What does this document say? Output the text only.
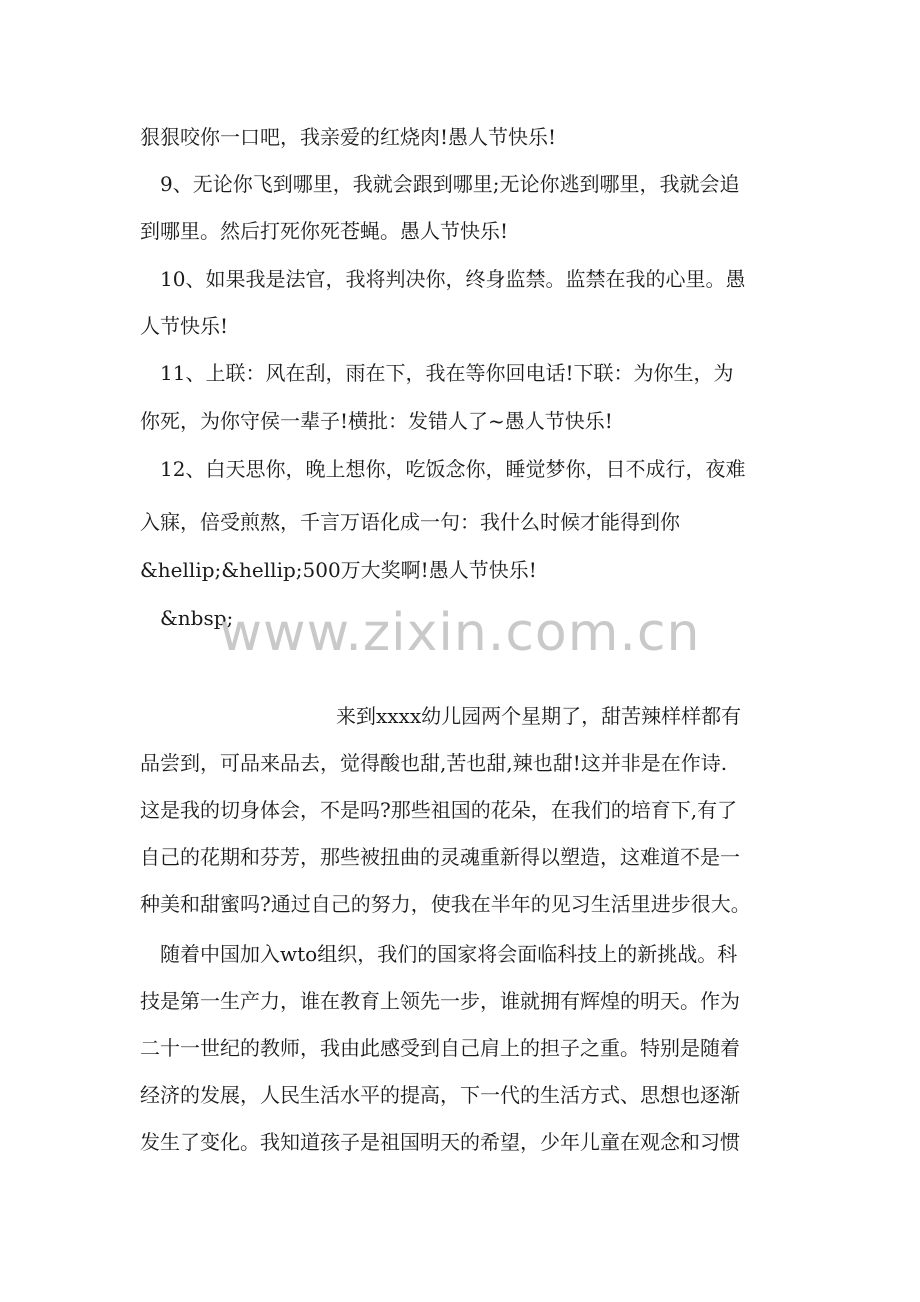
狠狠咬你一口吧，我亲爱的红烧肉!愚人节快乐!
9、无论你飞到哪里，我就会跟到哪里;无论你逃到哪里，我就会追
到哪里。然后打死你死苍蝇。愚人节快乐!
10、如果我是法官，我将判决你，终身监禁。监禁在我的心里。愚
人节快乐!
11、上联：风在刮，雨在下，我在等你回电话!下联：为你生，为
你死，为你守侯一辈子!横批：发错人了~愚人节快乐!
12、白天思你，晚上想你，吃饭念你，睡觉梦你，日不成行，夜难
入寐，倍受煎熬，千言万语化成一句：我什么时候才能得到你
&hellip;&hellip;500万大奖啊!愚人节快乐!
&nbsp;
来到xxxx幼儿园两个星期了，甜苦辣样样都有
品尝到，可品来品去，觉得酸也甜,苦也甜,辣也甜!这并非是在作诗.
这是我的切身体会，不是吗?那些祖国的花朵，在我们的培育下,有了
自己的花期和芬芳，那些被扭曲的灵魂重新得以塑造，这难道不是一
种美和甜蜜吗?通过自己的努力，使我在半年的见习生活里进步很大。
随着中国加入wto组织，我们的国家将会面临科技上的新挑战。科
技是第一生产力，谁在教育上领先一步，谁就拥有辉煌的明天。作为
二十一世纪的教师，我由此感受到自己肩上的担子之重。特别是随着
经济的发展，人民生活水平的提高，下一代的生活方式、思想也逐渐
发生了变化。我知道孩子是祖国明天的希望，少年儿童在观念和习惯
www.zixin.com.cn
